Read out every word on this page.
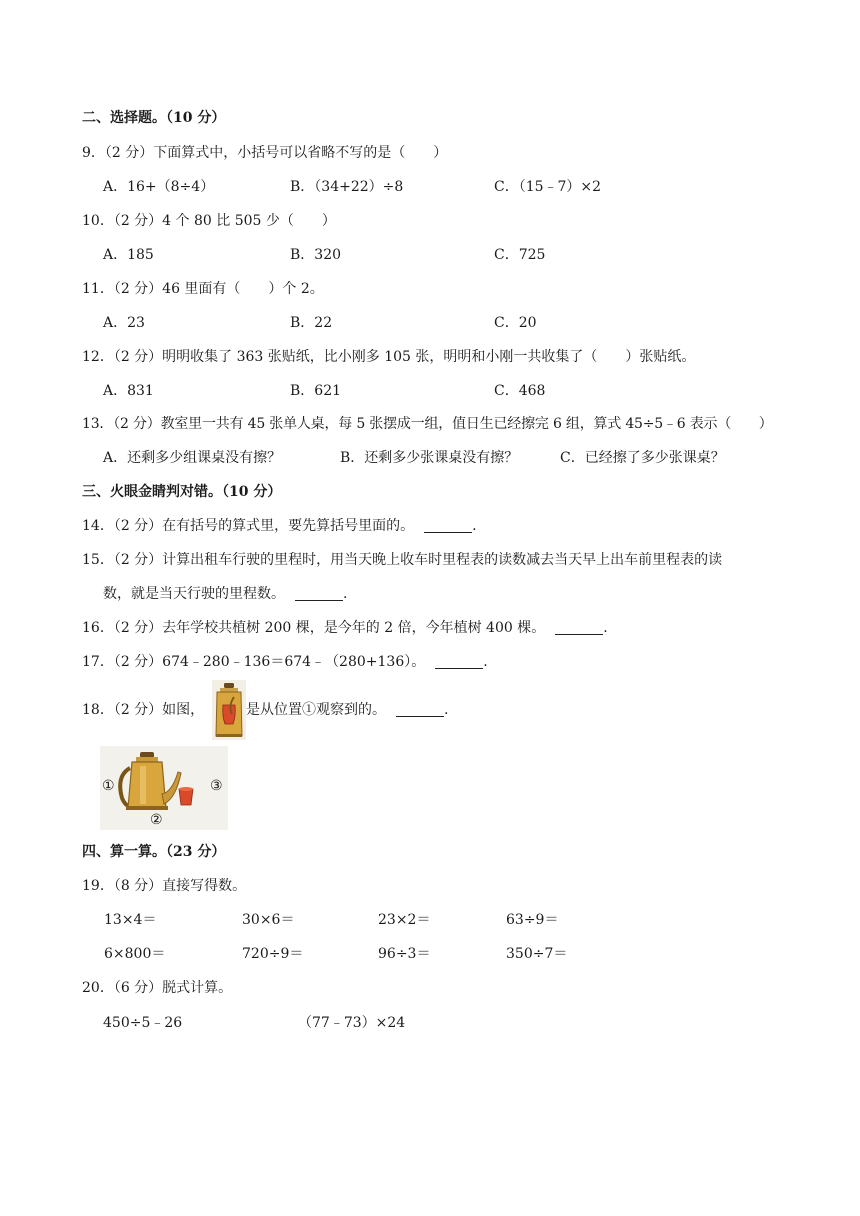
二、选择题。（10 分）
9．（2 分）下面算式中，小括号可以省略不写的是（　　）
A．16+（8÷4）	B．（34+22）÷8	C．（15﹣7）×2
10．（2 分）4 个 80 比 505 少（　　）
A．185	B．320	C．725
11．（2 分）46 里面有（　　）个 2。
A．23	B．22	C．20
12．（2 分）明明收集了 363 张贴纸，比小刚多 105 张，明明和小刚一共收集了（　　）张贴纸。
A．831	B．621	C．468
13．（2 分）教室里一共有 45 张单人桌，每 5 张摆成一组，值日生已经擦完 6 组，算式 45÷5﹣6 表示（　　）
A．还剩多少组课桌没有擦？	B．还剩多少张课桌没有擦？	C．已经擦了多少张课桌？
三、火眼金睛判对错。（10 分）
14．（2 分）在有括号的算式里，要先算括号里面的。	.
15．（2 分）计算出租车行驶的里程时，用当天晚上收车时里程表的读数减去当天早上出车前里程表的读
数，就是当天行驶的里程数。	.
16．（2 分）去年学校共植树 200 棵，是今年的 2 倍，今年植树 400 棵。	.
17．（2 分）674﹣280﹣136＝674﹣（280+136）。	.
18．（2 分）如图，	是从位置①观察到的。	.
①
②
③
四、算一算。（23 分）
19．（8 分）直接写得数。
13×4＝	30×6＝	23×2＝	63÷9＝
6×800＝	720÷9＝	96÷3＝	350÷7＝
20．（6 分）脱式计算。
450÷5﹣26	（77﹣73）×24
